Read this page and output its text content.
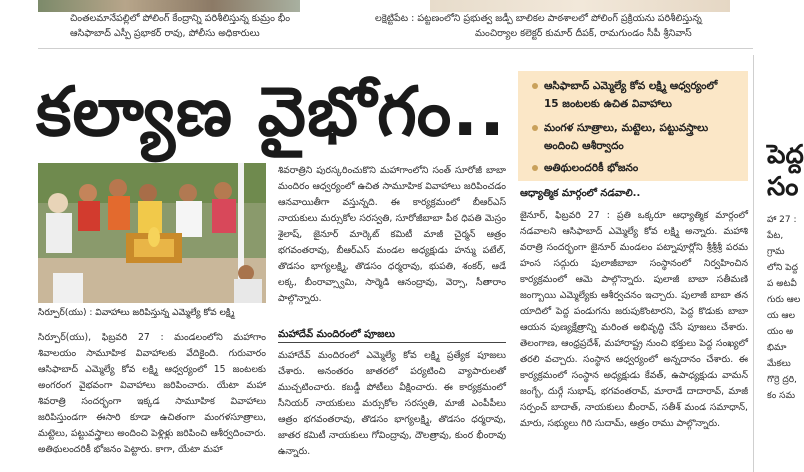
చింతలమానేపల్లిలో పోలింగ్ కేంద్రాన్ని పరిశీలిస్తున్న కుమ్రం భీం
ఆసిఫాబాద్ ఎస్పీ ప్రభాకర్ రావు, పోలీసు అధికారులు
లక్షెట్టిపేట : పట్టణంలోని ప్రభుత్వ జడ్పీ బాలికల పాఠశాలలో పోలింగ్ ప్రక్రియను పరిశీలిస్తున్న
మంచిర్యాల కలెక్టర్ కుమార్ దీపక్, రామగుండం సీపీ శ్రీనివాస్
కల్యాణ వైభోగం..	ఆసిఫాబాద్ ఎమ్మెల్యే కోవ లక్ష్మి ఆధ్వర్యంలో
15 జంటలకు ఉచిత వివాహాలు
మంగళ సూత్రాలు, మట్టెలు, పట్టువస్త్రాలు
అందించి ఆశీర్వాదం
అతిథులందరికీ భోజనం
సిర్పూర్(యు) : వివాహాలు జరిపిస్తున్న ఎమ్మెల్యే కోవ లక్ష్మి
సిర్పూర్(యు), ఫిబ్రవరి 27 : మండలంలోని మహాగాం శివాలయం సామూహిక వివాహాలకు వేదికైంది. గురువారం ఆసిఫాబాద్ ఎమ్మెల్యే కోవ లక్ష్మి ఆధ్వర్యంలో 15 జంటలకు అంగరంగ వైభవంగా వివాహాలు జరిపించారు. యేటా మహా శివరాత్రి సందర్భంగా ఇక్కడ సామూహిక వివాహాలు జరిపిస్తుండగా ఈసారి కూడా ఉచితంగా మంగళసూత్రాలు, మట్టెలు, పట్టువస్త్రాలు అందించి పెళ్లిళ్లు జరిపించి ఆశీర్వదించారు. అతిథులందరికీ భోజనం పెట్టారు. కాగా, యేటా మహా
శివరాత్రిని పురస్కరించుకొని మహాగాంలోని సంత్ సూరోజీ బాబా మందిరం ఆధ్వర్యంలో ఉచిత సామూహిక వివాహాలు జరిపించడం ఆనవాయితీగా వస్తున్నది. ఈ కార్యక్రమంలో బీఆర్ఎస్ నాయకులు మర్సుకోల సరస్వతి, సూరోజీబాబా పీఠ ధిపతి మెస్రం శైలాష్, జైనూర్ మార్కెట్ కమిటీ మాజీ చైర్మన్ ఆత్రం భగవంతరావు, బీఆర్ఎస్ మండల అధ్యక్షుడు హన్ము పటేల్, తొడసం భాగ్యలక్ష్మి, తొడసం ధర్మరావు, భుపతి, శంకర్, ఆడే లక్క, బీంరావ్స్వామి, సార్మెడి ఆనంద్రావు, వెర్సా, సీతారాం పాల్గొన్నారు.
మహాదేవ్ మందిరంలో పూజలు
మహాదేవ్ మందిరంలో ఎమ్మెల్యే కోవ లక్ష్మి ప్రత్యేక పూజలు చేశారు. అనంతరం జాతరలో పర్యటించి వ్యాపారులతో ముచ్చటించారు. కబడ్డీ పోటీలు వీక్షించారు. ఈ కార్యక్రమంలో సీనియర్ నాయకులు మర్సుకోల సరస్వతి, మాజీ ఎంపీపీలు ఆత్రం భగవంతరావు, తొడసం భాగ్యలక్ష్మి, తొడసం ధర్మరావు, జాతర కమిటీ నాయకులు గోవింద్రావు, దౌలత్రావు, కుంర భీంరావు ఉన్నారు.
ఆధ్యాత్మిక మార్గంలో నడవాలి..
జైనూర్, ఫిబ్రవరి 27 : ప్రతి ఒక్కరూ ఆధ్యాత్మిక మార్గంలో నడవాలని ఆసిఫాబాద్ ఎమ్మెల్యే కోవ లక్ష్మి అన్నారు. మహాశి వరాత్రి సందర్భంగా జైనూర్ మండలం పట్నాపూర్లోని శ్రీశ్రీశ్రీ పరమ హంస సద్గురు పులాజీబాబా సంస్థానంలో నిర్వహించిన కార్యక్రమంలో ఆమె పాల్గొన్నారు. పులాజీ బాబా సతీమణి జంగ్బాయి ఎమ్మెల్యేకు ఆశీర్వచనం ఇచ్చారు. పులాజీ బాబా తన యాదిలో పెద్ద పండుగను జరుపుకొంటారని, పెద్ద కొడుకు బాబా ఆయన పుణ్యక్షేత్రాన్ని మరింత అభివృద్ధి చేసే పూజలు చేశారు. తెలంగాణ, ఆంధ్రప్రదేశ్, మహారాష్ట్ర నుంచి భక్తులు పెద్ద సంఖ్యలో తరలి వచ్చారు. సంస్థాన ఆధ్వర్యంలో అన్నదానం చేశారు. ఈ కార్యక్రమంలో సంస్థాన అధ్యక్షుడు కేవత్, ఉపాధ్యక్షుడు వామన్ జంగ్బే, దుర్గే సుభాష్, భగవంతరావ్, మారాడే దాదారావ్, మాజీ సర్పంచ్ బాదాత్, నాయకులు బీంరావ్, సతీశ్ మండ సమాధాన్, మారు, సభ్యులు గిరి సుదామ్, ఆత్రం రాము పాల్గొన్నారు.
పెద్ద
సం
హా 27 : పేట, గ్రామ లోని పెద్దప అటవీ గురు ఆలయ ఆలయం అభిమా మేకలు గొర్రె ద్రరి, కం సమ
